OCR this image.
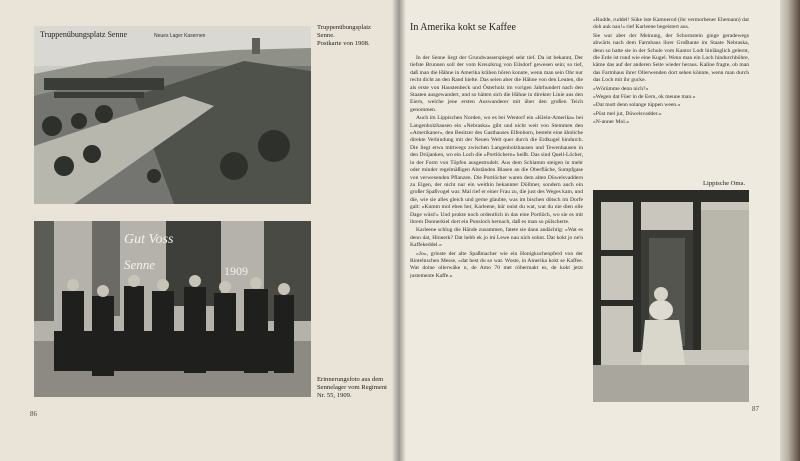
Truppenübungsplatz Senne	Neues Lager Kasernen
Gut Voss
Senne	1909
Truppenübungsplatz Senne.
Postkarte von 1908.
Erinnerungsfoto aus dem
Sennelager vom Regiment
Nr. 55, 1909.
86
In Amerika kokt se Kaffee

In der Senne liegt der Grundwasserspiegel sehr tief. Da ist bekannt, Der tiefste Brunnen soll der vom Kreuzkrug von Eilsdorf gewesen sein; so tief, daß man die Hähne in Amerika krähen hören konnte, wenn man sein Ohr nur recht dicht an den Rand hielte. Das seien aber die Hähne von den Leuten, die als erste von Haustenbeck und Österholz im vorigen Jahrhundert nach den Staaten ausgewandert, und so hätten sich die Hähne in direkter Linie aus den Eiern, welche jene ersten Auswanderer mit über den großen Teich genommen.

Auch im Lippischen Norden, wo es bei Wentorf ein »Klein-Amerika« bei Langenholzhausen ein »Nebraska« gibt und nicht weit von Stemmen den »Amerikaner«, den Besitzer des Gasthauses Elfenborn, besteht eine ähnliche direkte Verbindung mit der Neuen Welt quer durch die Erdkugel hindurch. Die liegt etwa mittwegs zwischen Langenholzhausen und Tewenhausen in den Drüjanken, wo ein Loch die »Portlöchern« heißt. Das sind Quell-Löcher, in der Form von Töpfen ausgestrudelt. Aus dem Schlamm steigen in mehr oder minder regelmäßigen Abständen Blasen an die Oberfläche, Sumpfgase von verwesenden Pflanzen. Die Portlöcher waren dem alten Düwelsvaddern zu Eigen, der nicht nur ein weithin bekannter Döllmer, sondern auch ein großer Spaßvogel war. Mal rief er einer Frau zu, die just des Weges kam, und die, wie sie alles gleich und gerne glaubte, was im bischen dötsch im Dorfe galt: »Kumm mol eben her, Karleene, hür ouist du wat, wat du nie dien olle Dage wüst!« Und prukte noch ordentlich in das eine Portlöch, wo sie es mit ihrem Donnerkiel dort ein Punsloch hernach, daß es man so pülscherte.

Karleene schlug die Hände zusammen, fatete sie dann andächtig: »Wat es denn dat, Hinnerk? Dat hebb ek jo mi Lewe nau nich sohnt. Dat kokt jo ne'n Kaffekeddel.«

»Jo«, grinste der alte Spaßmacher wie ein Honigkuchenpferd von der Rintelnschen Messe, »dat hest du so wat. Woste, in Amerika kokt se Kaffee. Wat doine ollerwäke n, de Amo 70 met röbermakt es, de kokt jetzt justemente Kaffe.«

»Rudde, ruddel! Süke iste Kamnerod (ihr vermorbener Ehemann) dat doh auk nau!« rief Karleene begeistert aus.

Sie war aber der Meinung, der Schornstein ginge geradewegs abwärts nach dem Farmhaus ihrer Großtante im Staate Nebraska, denn so hatte sie in der Schule vom Kantor Lodt hinlänglich gelernt, die Erde ist rund wie eine Kugel. Wenn man ein Loch hindurchböhre, käme das auf der anderen Seite wieder heraus. Kaline fragte, ob man das Farmhaus ihrer Ollerwenden dort sehen könnte, wenn man durch das Loch mit ihr gucke.

»Wörümme denn nich?«

»Wegen dat Füer in de Eern, ok meune man.«

»Dat mott denn solange tüppen ween.«

»Püst mel jut, Düwelsvadder.«

»N-anner Mol.«

Lippische Oma.
87
